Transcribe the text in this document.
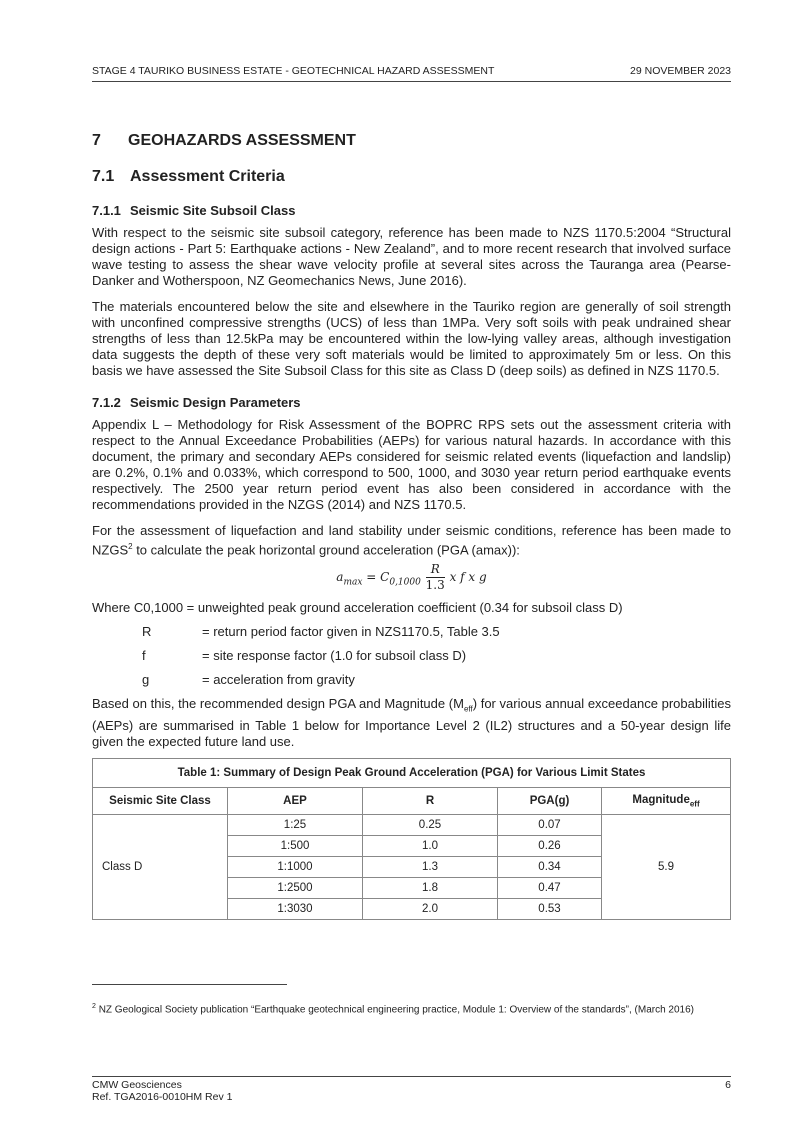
STAGE 4 TAURIKO BUSINESS ESTATE - GEOTECHNICAL HAZARD ASSESSMENT	29 NOVEMBER 2023
7 GEOHAZARDS ASSESSMENT
7.1 Assessment Criteria
7.1.1 Seismic Site Subsoil Class

With respect to the seismic site subsoil category, reference has been made to NZS 1170.5:2004 “Structural design actions - Part 5: Earthquake actions - New Zealand”, and to more recent research that involved surface wave testing to assess the shear wave velocity profile at several sites across the Tauranga area (Pearse-Danker and Wotherspoon, NZ Geomechanics News, June 2016).

The materials encountered below the site and elsewhere in the Tauriko region are generally of soil strength with unconfined compressive strengths (UCS) of less than 1MPa. Very soft soils with peak undrained shear strengths of less than 12.5kPa may be encountered within the low-lying valley areas, although investigation data suggests the depth of these very soft materials would be limited to approximately 5m or less. On this basis we have assessed the Site Subsoil Class for this site as Class D (deep soils) as defined in NZS 1170.5.

7.1.2 Seismic Design Parameters

Appendix L – Methodology for Risk Assessment of the BOPRC RPS sets out the assessment criteria with respect to the Annual Exceedance Probabilities (AEPs) for various natural hazards. In accordance with this document, the primary and secondary AEPs considered for seismic related events (liquefaction and landslip) are 0.2%, 0.1% and 0.033%, which correspond to 500, 1000, and 3030 year return period earthquake events respectively. The 2500 year return period event has also been considered in accordance with the recommendations provided in the NZGS (2014) and NZS 1170.5.

For the assessment of liquefaction and land stability under seismic conditions, reference has been made to NZGS$^2$ to calculate the peak horizontal ground acceleration (PGA (amax)):

$a_{max} = C_{0,1000} \frac{R}{1.3}$ x f x g

Where C0,1000 = unweighted peak ground acceleration coefficient (0.34 for subsoil class D)

R	= return period factor given in NZS1170.5, Table 3.5
f	= site response factor (1.0 for subsoil class D)
g	= acceleration from gravity

Based on this, the recommended design PGA and Magnitude $(M_{eff})$ for various annual exceedance probabilities (AEPs) are summarised in Table 1 below for Importance Level 2 (IL2) structures and a 50-year design life given the expected future land use.

Table 1: Summary of Design Peak Ground Acceleration (PGA) for Various Limit States				
Seismic Site Class	AEP	R	PGA(g)	Magnitude$_{eff}$
Class D	1:25	0.25	0.07	5.9
	1:500	1.0	0.26	
	1:1000	1.3	0.34	
	1:2500	1.8	0.47	
	1:3030	2.0	0.53	
$^2$ NZ Geological Society publication “Earthquake geotechnical engineering practice, Module 1: Overview of the standards”, (March 2016)
CMW Geosciences
Ref. TGA2016-0010HM Rev 1
6
